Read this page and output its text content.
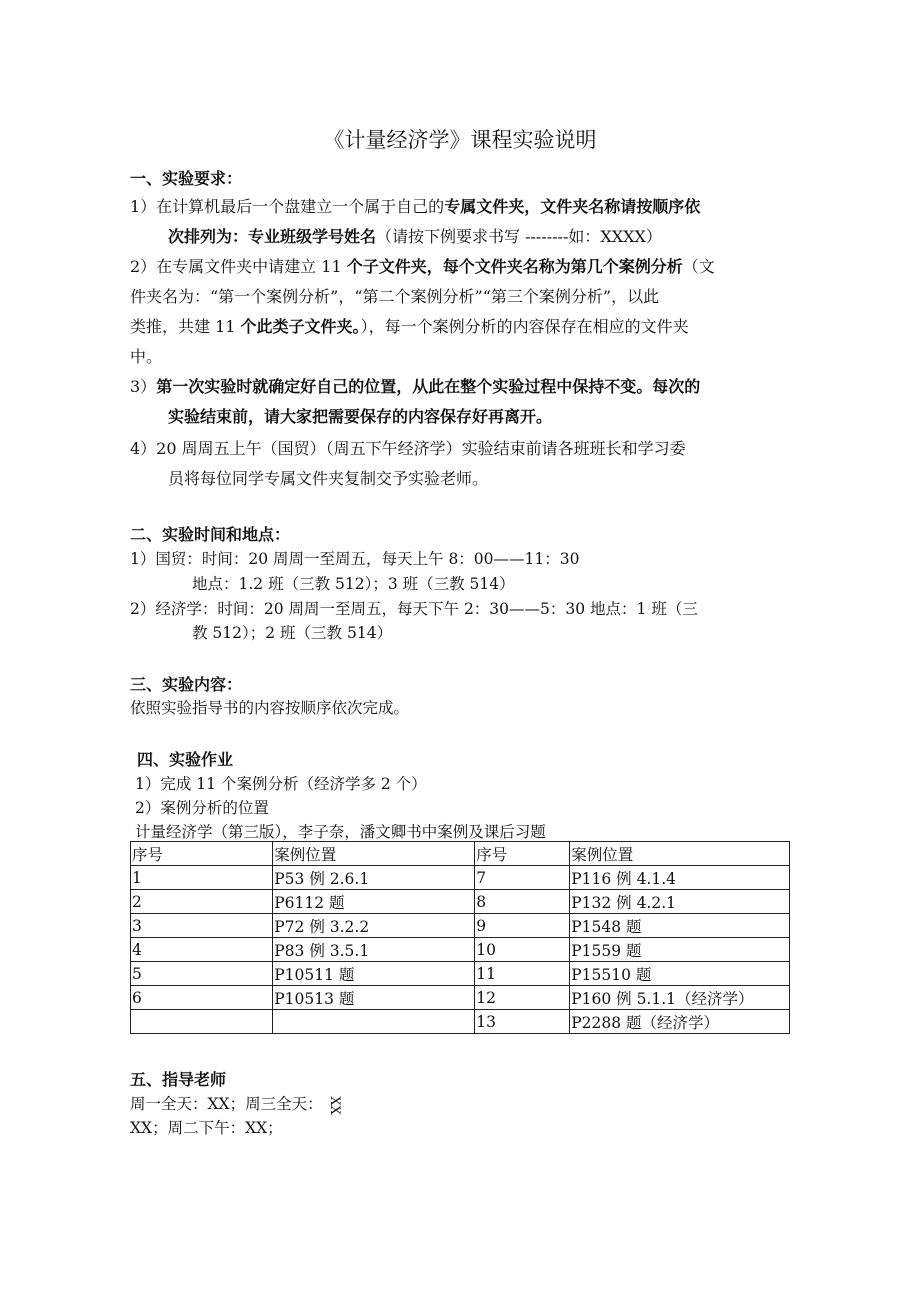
《计量经济学》课程实验说明
一、实验要求：
1）在计算机最后一个盘建立一个属于自己的专属文件夹，文件夹名称请按顺序依
次排列为：专业班级学号姓名（请按下例要求书写 --------如：XXXX）
2）在专属文件夹中请建立 11 个子文件夹，每个文件夹名称为第几个案例分析（文
件夹名为：“第一个案例分析”，“第二个案例分析”“第三个案例分析”，以此
类推，共建 11 个此类子文件夹。），每一个案例分析的内容保存在相应的文件夹
中。
3）第一次实验时就确定好自己的位置，从此在整个实验过程中保持不变。每次的
实验结束前，请大家把需要保存的内容保存好再离开。
4）20 周周五上午（国贸）（周五下午经济学）实验结束前请各班班长和学习委
员将每位同学专属文件夹复制交予实验老师。
二、实验时间和地点：
1）国贸：时间：20 周周一至周五，每天上午 8：00——11：30
地点：1.2 班（三教 512）；3 班（三教 514）
2）经济学：时间：20 周周一至周五，每天下午 2：30——5：30 地点：1 班（三
教 512）；2 班（三教 514）
三、实验内容：
依照实验指导书的内容按顺序依次完成。
四、实验作业
1）完成 11 个案例分析（经济学多 2 个）
2）案例分析的位置
计量经济学（第三版），李子奈，潘文卿书中案例及课后习题
序号	案例位置	序号	案例位置
1	P53 例 2.6.1	7	P116 例 4.1.4
2	P6112 题	8	P132 例 4.2.1
3	P72 例 3.2.2	9	P1548 题
4	P83 例 3.5.1	10	P1559 题
5	P10511 题	11	P15510 题
6	P10513 题	12	P160 例 5.1.1（经济学）
		13	P2288 题（经济学）
五、指导老师
周一全天：XX；周三全天： XX
XX；周二下午：XX；
